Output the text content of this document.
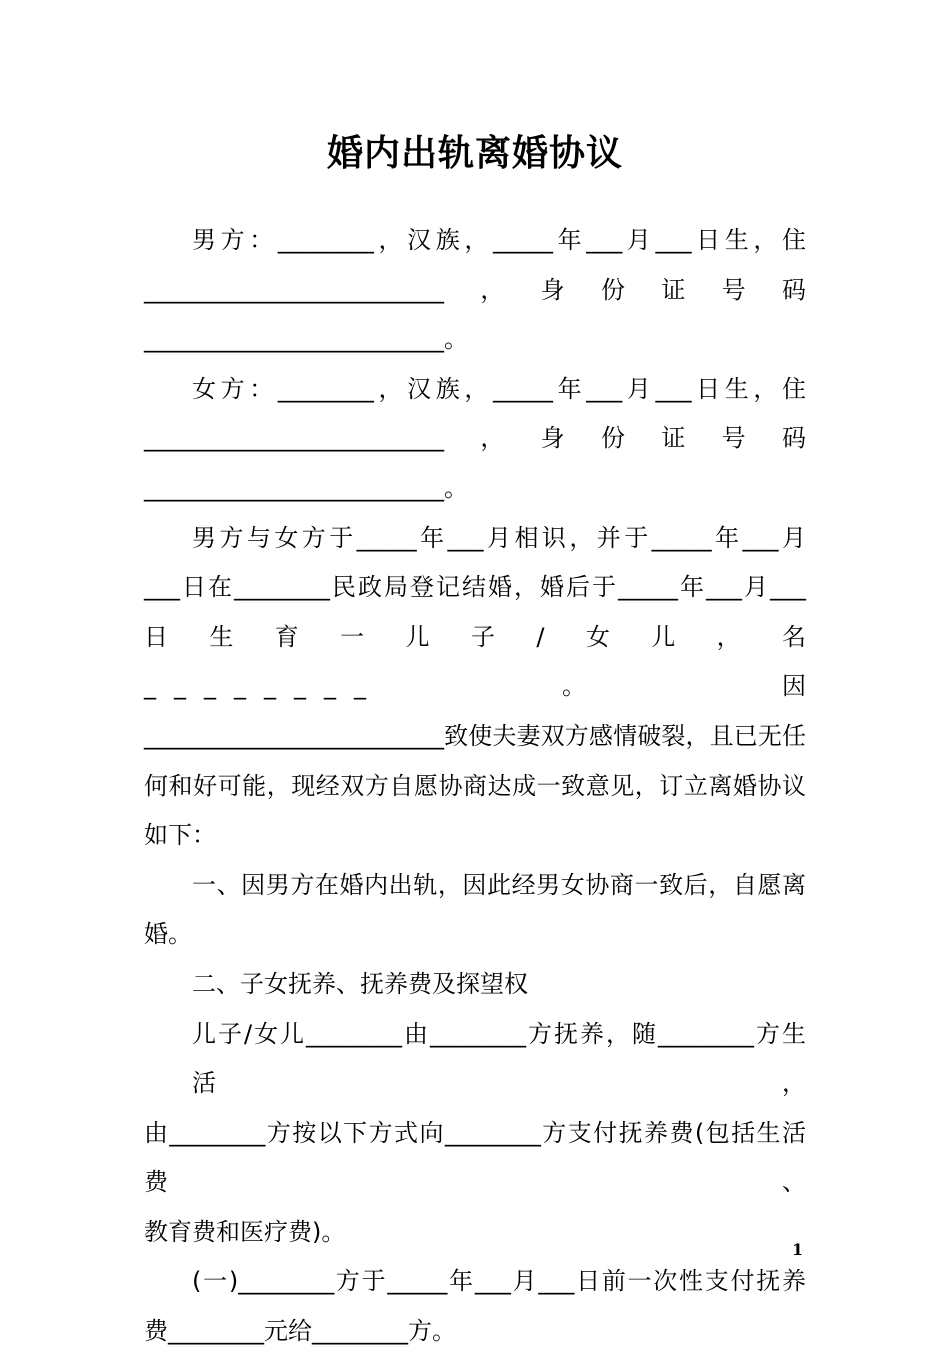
婚内出轨离婚协议
男方：________，汉族，_____年___月___日生，住
_________________________，身份证号码
_________________________。
女方：________，汉族，_____年___月___日生，住
_________________________，身份证号码
_________________________。
男方与女方于_____年___月相识，并于_____年___月
___日在________民政局登记结婚，婚后于_____年___月___
日生育一儿子/女儿，名________。因
_________________________致使夫妻双方感情破裂，且已无任
何和好可能，现经双方自愿协商达成一致意见，订立离婚协议
如下：
一、因男方在婚内出轨，因此经男女协商一致后，自愿离
婚。
二、子女抚养、抚养费及探望权
儿子/女儿________由________方抚养，随________方生活，
由________方按以下方式向________方支付抚养费(包括生活费、
教育费和医疗费)。
(一)________方于_____年___月___日前一次性支付抚养
费________元给________方。
1
